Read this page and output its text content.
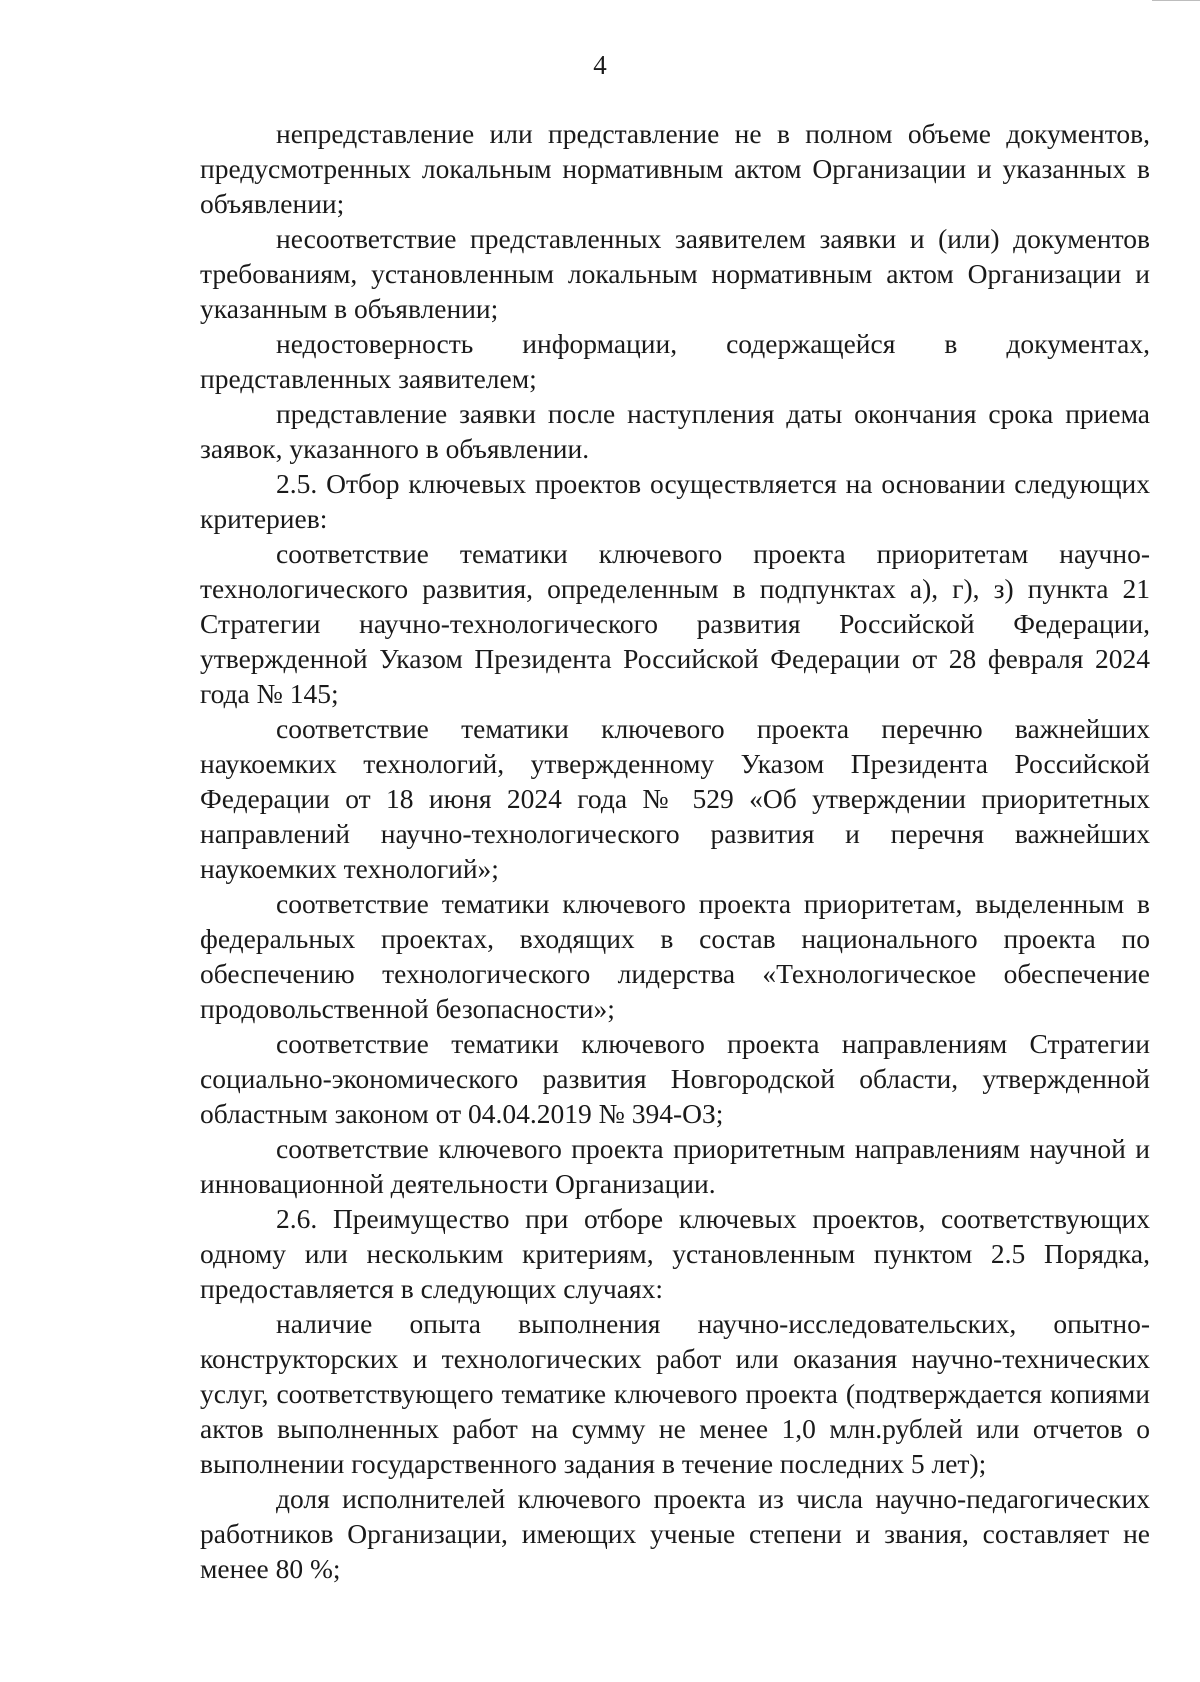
4

непредставление или представление не в полном объеме документов, предусмотренных локальным нормативным актом Организации и указанных в объявлении;

несоответствие представленных заявителем заявки и (или) документов требованиям, установленным локальным нормативным актом Организации и указанным в объявлении;

недостоверность информации, содержащейся в документах, представленных заявителем;

представление заявки после наступления даты окончания срока приема заявок, указанного в объявлении.

2.5. Отбор ключевых проектов осуществляется на основании следующих критериев:

соответствие тематики ключевого проекта приоритетам научно-технологического развития, определенным в подпунктах а), г), з) пункта 21 Стратегии научно-технологического развития Российской Федерации, утвержденной Указом Президента Российской Федерации от 28 февраля 2024 года № 145;

соответствие тематики ключевого проекта перечню важнейших наукоемких технологий, утвержденному Указом Президента Российской Федерации от 18 июня 2024 года № 529 «Об утверждении приоритетных направлений научно-технологического развития и перечня важнейших наукоемких технологий»;

соответствие тематики ключевого проекта приоритетам, выделенным в федеральных проектах, входящих в состав национального проекта по обеспечению технологического лидерства «Технологическое обеспечение продовольственной безопасности»;

соответствие тематики ключевого проекта направлениям Стратегии социально-экономического развития Новгородской области, утвержденной областным законом от 04.04.2019 № 394-ОЗ;

соответствие ключевого проекта приоритетным направлениям научной и инновационной деятельности Организации.

2.6. Преимущество при отборе ключевых проектов, соответствующих одному или нескольким критериям, установленным пунктом 2.5 Порядка, предоставляется в следующих случаях:

наличие опыта выполнения научно-исследовательских, опытно-конструкторских и технологических работ или оказания научно-технических услуг, соответствующего тематике ключевого проекта (подтверждается копиями актов выполненных работ на сумму не менее 1,0 млн.рублей или отчетов о выполнении государственного задания в течение последних 5 лет);

доля исполнителей ключевого проекта из числа научно-педагогических работников Организации, имеющих ученые степени и звания, составляет не менее 80 %;
